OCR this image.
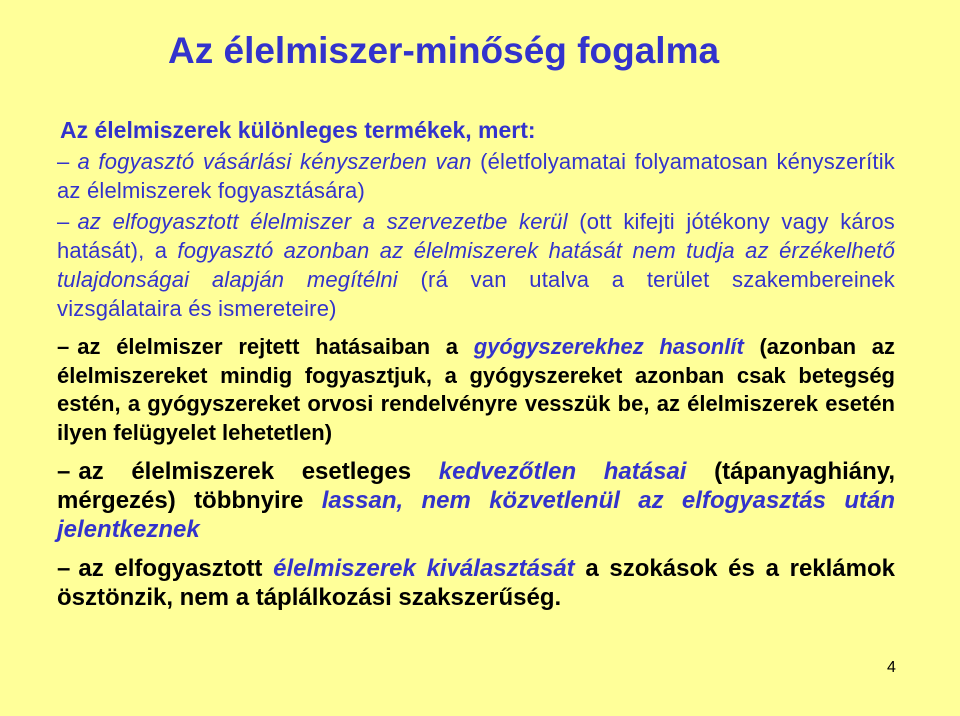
Az élelmiszer-minőség fogalma

Az élelmiszerek különleges termékek, mert:

– a fogyasztó vásárlási kényszerben van (életfolyamatai folyamatosan kényszerítik az élelmiszerek fogyasztására)

– az elfogyasztott élelmiszer a szervezetbe kerül (ott kifejti jótékony vagy káros hatását), a fogyasztó azonban az élelmiszerek hatását nem tudja az érzékelhető tulajdonságai alapján megítélni (rá van utalva a terület szakembereinek vizsgálataira és ismereteire)

– az élelmiszer rejtett hatásaiban a gyógyszerekhez hasonlít (azonban az élelmiszereket mindig fogyasztjuk, a gyógyszereket azonban csak betegség estén, a gyógyszereket orvosi rendelvényre vesszük be, az élelmiszerek esetén ilyen felügyelet lehetetlen)

– az élelmiszerek esetleges kedvezőtlen hatásai (tápanyaghiány, mérgezés) többnyire lassan, nem közvetlenül az elfogyasztás után jelentkeznek

– az elfogyasztott élelmiszerek kiválasztását a szokások és a reklámok ösztönzik, nem a táplálkozási szakszerűség.

4
